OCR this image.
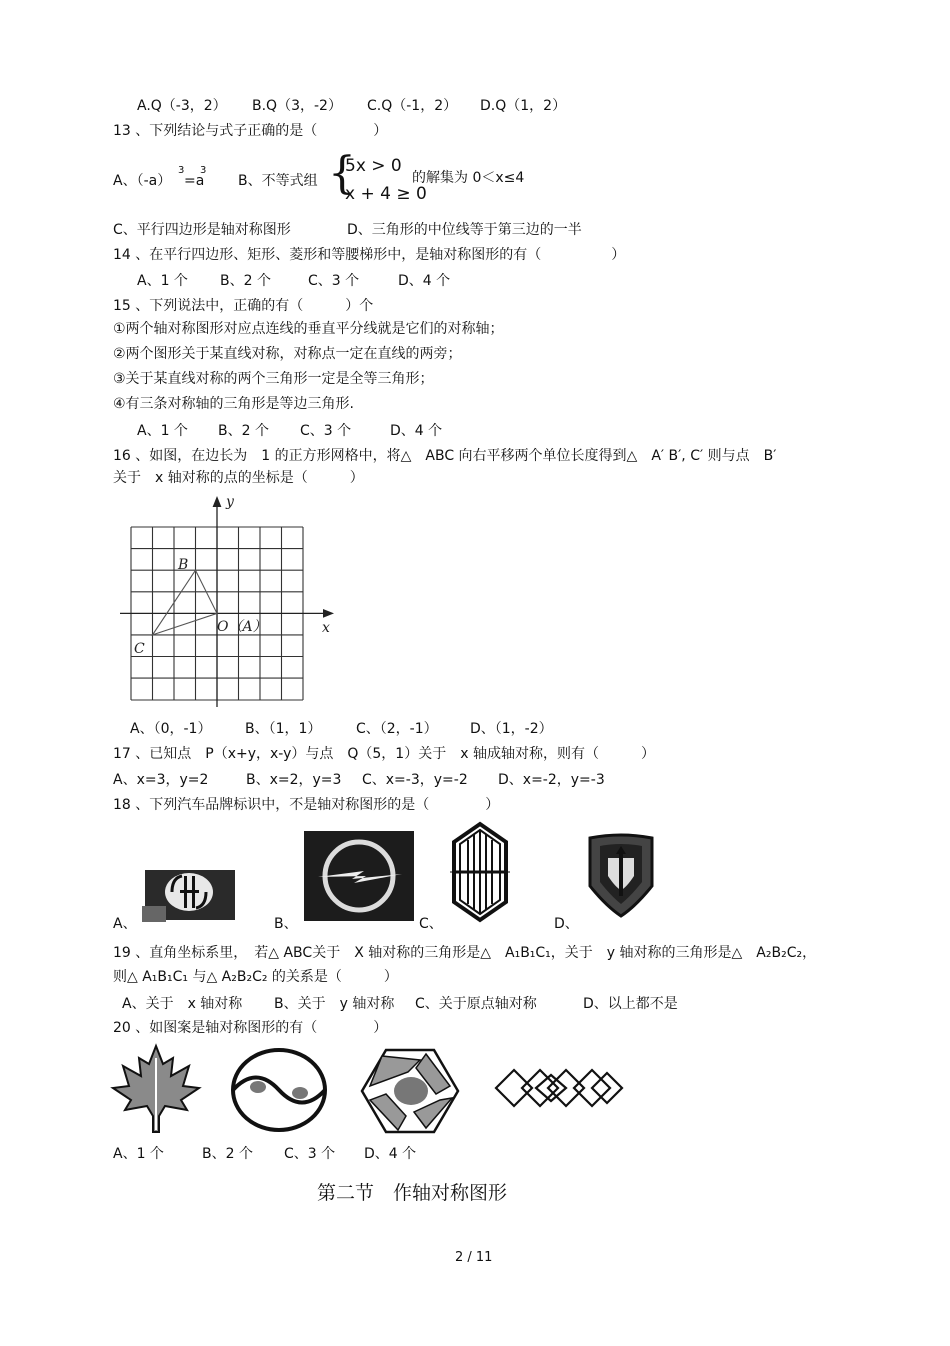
A.Q（-3，2） B.Q（3，-2） C.Q（-1，2） D.Q（1，2）
13 、下列结论与式子正确的是（　　　　）
A、（-a）
3
=a
3
B、不等式组 {
5x > 0
x + 4 ≥ 0
的解集为 0＜x≤4
C、平行四边形是轴对称图形	D、三角形的中位线等于第三边的一半
14 、在平行四边形、矩形、菱形和等腰梯形中，是轴对称图形的有（　　　　　）
A、1 个 B、2 个	C、3 个	D、4 个
15 、下列说法中，正确的有（　　　）个
①两个轴对称图形对应点连线的垂直平分线就是它们的对称轴；
②两个图形关于某直线对称，对称点一定在直线的两旁；
③关于某直线对称的两个三角形一定是全等三角形；
④有三条对称轴的三角形是等边三角形.
A、1 个 B、2 个 C、3 个	D、4 个
16 、如图，在边长为　1 的正方形网格中，将△　ABC 向右平移两个单位长度得到△　A′ B′, C′ 则与点　B′
关于　x 轴对称的点的坐标是（　　　）
x
y
B
C
O（A）
A、（0，-1） B、（1，1） C、（2，-1） D、（1，-2）
17 、已知点　P（x+y，x-y）与点　Q（5，1）关于　x 轴成轴对称，则有（　　　）
A、x=3，y=2	B、x=2，y=3 C、x=-3，y=-2 D、x=-2，y=-3
18 、下列汽车品牌标识中，不是轴对称图形的是（　　　　）
A、	B、	C、	D、
19 、直角坐标系里，　若△ ABC关于　X 轴对称的三角形是△　A₁B₁C₁，关于　y 轴对称的三角形是△　A₂B₂C₂，
则△ A₁B₁C₁ 与△ A₂B₂C₂ 的关系是（　　　）
A、关于　x 轴对称 B、关于　y 轴对称 C、关于原点轴对称	D、以上都不是
20 、如图案是轴对称图形的有（　　　　）
A、1 个	B、2 个 C、3 个 D、4 个
第二节　作轴对称图形
2 / 11
